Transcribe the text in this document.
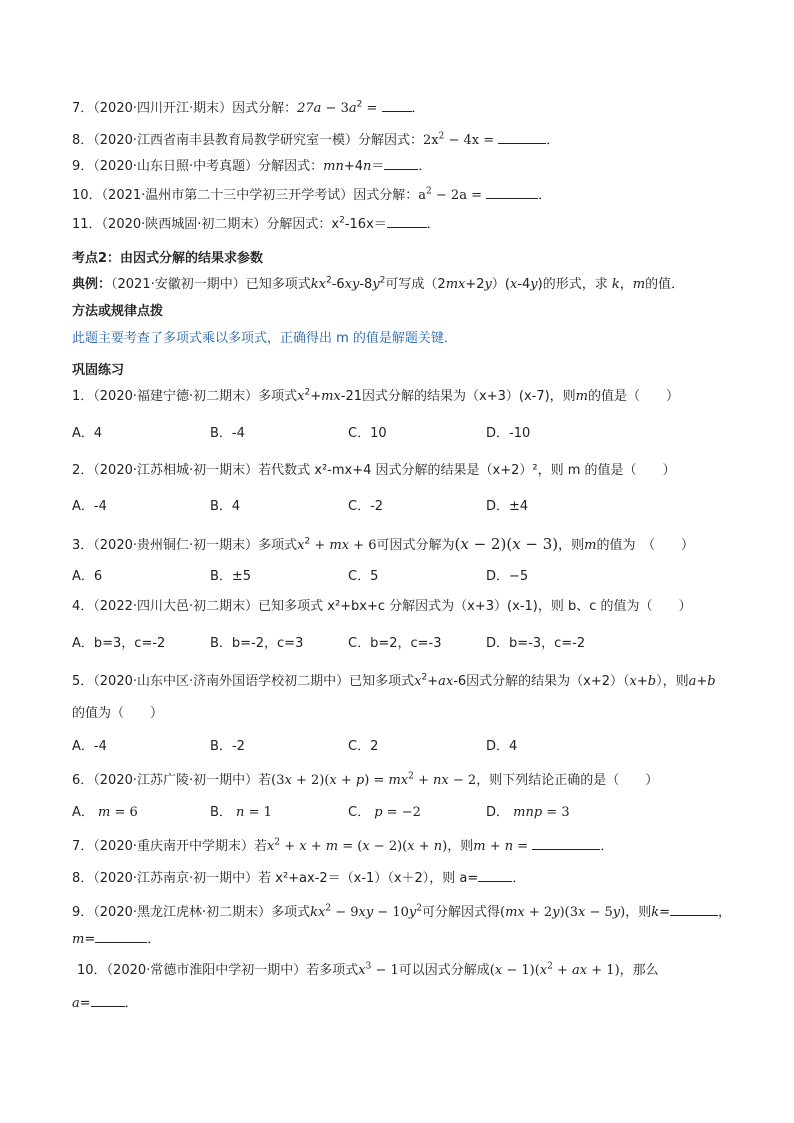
7．（2020·四川开江·期末）因式分解：$27a - 3a^2$ = ．
8．（2020·江西省南丰县教育局教学研究室一模）分解因式：$2x^2 - 4x$ =	．
9．（2020·山东日照·中考真题）分解因式：mn+4n＝	．
10．（2021·温州市第二十三中学初三开学考试）因式分解：$a^2 - 2a$ =	．
11．（2020·陕西城固·初二期末）分解因式：$x^2-16x=$	．
考点2：由因式分解的结果求参数
典例：（2021·安徽初一期中）已知多项式$kx^2-6xy-8y^2$可写成（2mx+2y）(x-4y)的形式，求 k，m的值．
方法或规律点拨
此题主要考查了多项式乘以多项式，正确得出 m 的值是解题关键．
巩固练习
1．（2020·福建宁德·初二期末）多项式$x^2+mx-21$因式分解的结果为（x+3）(x-7)，则m的值是（　　）
A．4	B．-4	C．10	D．-10
2．（2020·江苏相城·初一期末）若代数式 x²-mx+4 因式分解的结果是（x+2）²，则 m 的值是（　　）
A．-4	B．4	C．-2	D．±4
3．（2020·贵州铜仁·初一期末）多项式$x^2$ + mx + 6可因式分解为(x − 2)(x − 3)，则m的值为　（　　）
A．6	B．±5	C．5	D．−5
4．（2022·四川大邑·初二期末）已知多项式 x²+bx+c 分解因式为（x+3）(x-1)，则 b、c 的值为（　　）
A．b=3，c=-2	B．b=-2，c=3	C．b=2，c=-3	D．b=-3，c=-2
5．（2020·山东中区·济南外国语学校初二期中）已知多项式$x^2+ax-6$因式分解的结果为（x+2）（x+b），则a+b
的值为（　　）
A．-4	B．-2	C．2	D．4
6．（2020·江苏广陵·初一期中）若$(3x + 2)(x + p) = mx^2$ + nx − 2，则下列结论正确的是（　　）
A． m = 6	B． n = 1	C． p = −2	D． mnp = 3
7．（2020·重庆南开中学期末）若$x^2 + x + m = (x - 2)(x + n)$，则m + n =	．
8．（2020·江苏南京·初一期中）若 x²+ax-2＝（x-1）（x＋2），则 a=	．
9．（2020·黑龙江虎林·初二期末）多项式$kx^2 - 9xy - 10y^2$可分解因式得(mx + 2y)(3x − 5y)，则k=	，
m=	．
10．（2020·常德市淮阳中学初一期中）若多项式$x^3 - 1$可以因式分解成$(x - 1)(x^2$ + ax + 1)，那么
a=	．
